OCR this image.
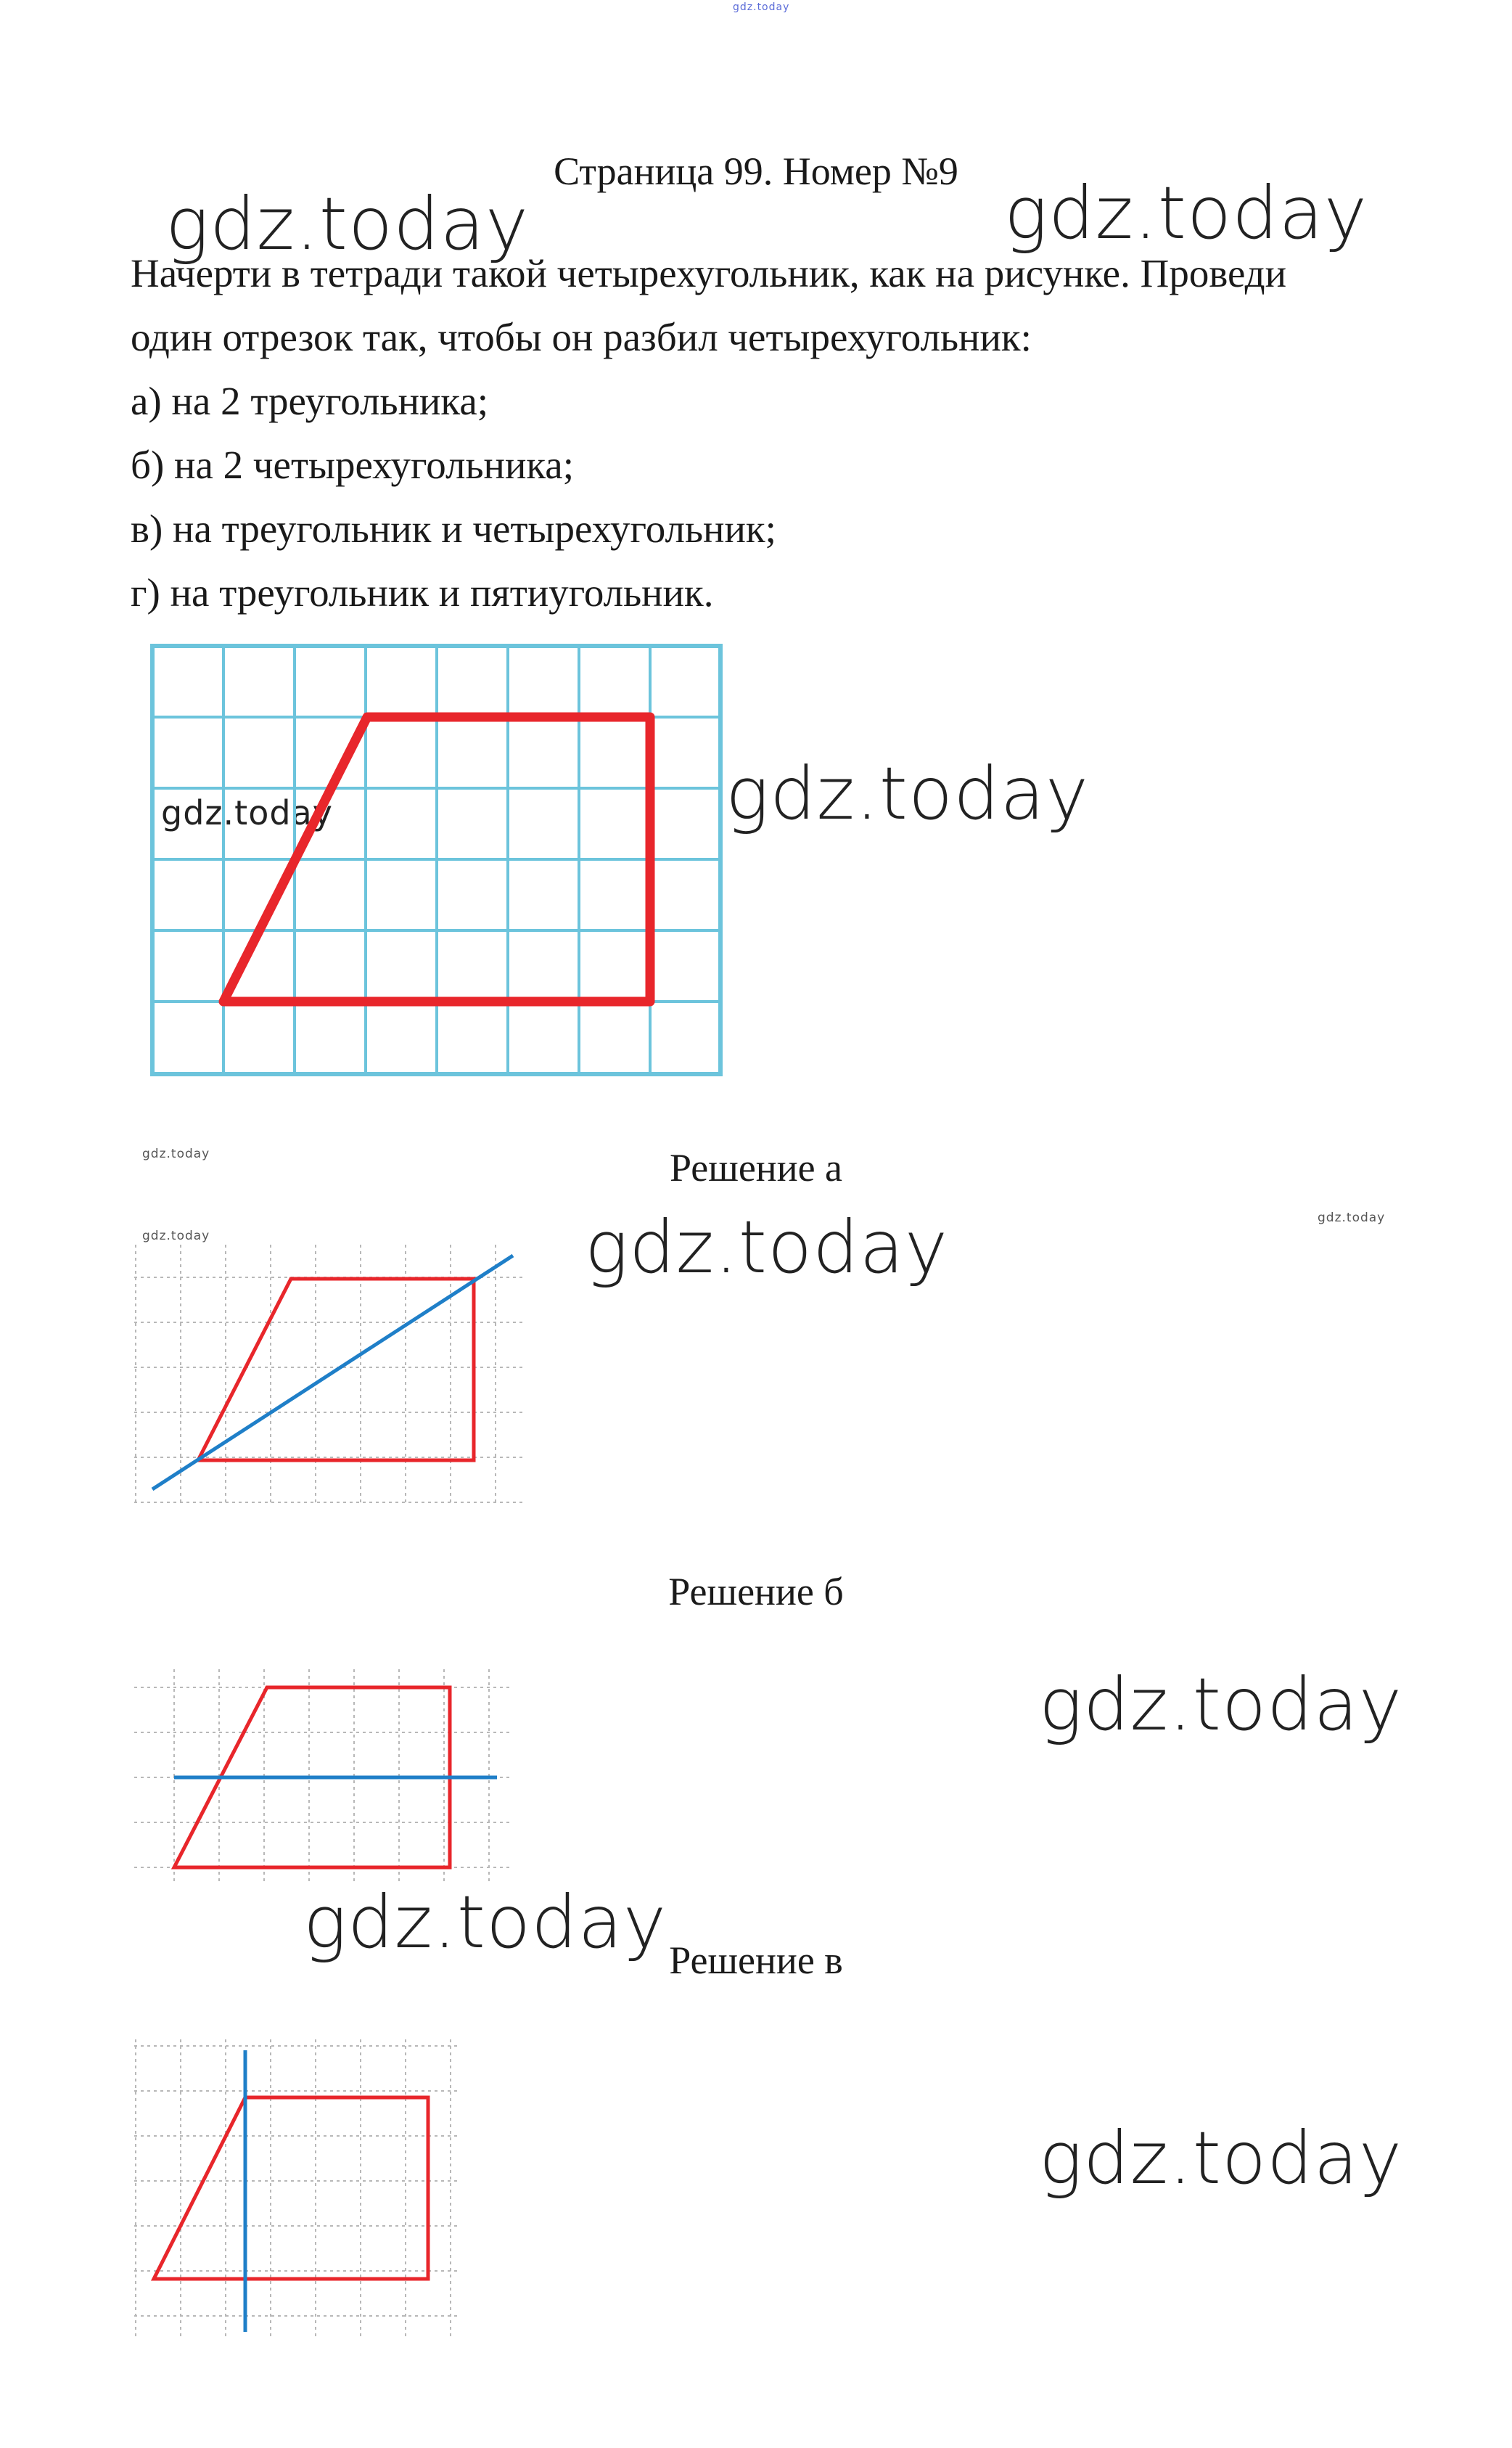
gdz.today
gdz.today	gdz.today
gdz.today
gdz.today
gdz.today
gdz.today
gdz.today
gdz.today
gdz.today
gdz.today
gdz.today
Страница 99. Номер №9
Начерти в тетради такой четырехугольник, как на рисунке. Проведи
один отрезок так, чтобы он разбил четырехугольник:
а) на 2 треугольника;
б) на 2 четырехугольника;
в) на треугольник и четырехугольник;
г) на треугольник и пятиугольник.
Решение а
Решение б
Решение в
